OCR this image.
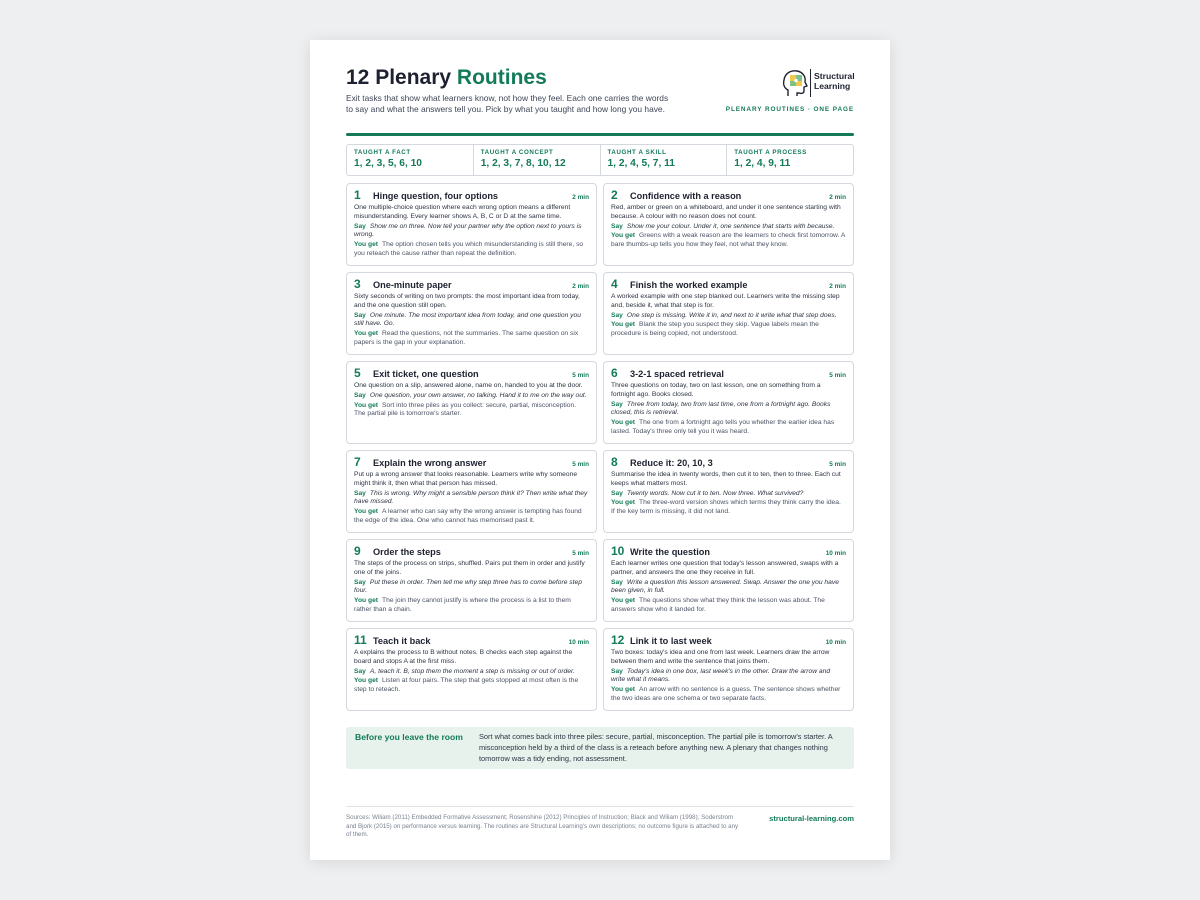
12 Plenary Routines
Exit tasks that show what learners know, not how they feel. Each one carries the words to say and what the answers tell you. Pick by what you taught and how long you have.
Structural
Learning
PLENARY ROUTINES · ONE PAGE
TAUGHT A FACT
1, 2, 3, 5, 6, 10
TAUGHT A CONCEPT
1, 2, 3, 7, 8, 10, 12
TAUGHT A SKILL
1, 2, 4, 5, 7, 11
TAUGHT A PROCESS
1, 2, 4, 9, 11
1	Hinge question, four options	2 min
One multiple-choice question where each wrong option means a different misunderstanding. Every learner shows A, B, C or D at the same time.
Say Show me on three. Now tell your partner why the option next to yours is wrong.
You get The option chosen tells you which misunderstanding is still there, so you reteach the cause rather than repeat the definition.
2	Confidence with a reason	2 min
Red, amber or green on a whiteboard, and under it one sentence starting with because. A colour with no reason does not count.
Say Show me your colour. Under it, one sentence that starts with because.
You get Greens with a weak reason are the learners to check first tomorrow. A bare thumbs-up tells you how they feel, not what they know.
3	One-minute paper	2 min
Sixty seconds of writing on two prompts: the most important idea from today, and the one question still open.
Say One minute. The most important idea from today, and one question you still have. Go.
You get Read the questions, not the summaries. The same question on six papers is the gap in your explanation.
4	Finish the worked example	2 min
A worked example with one step blanked out. Learners write the missing step and, beside it, what that step is for.
Say One step is missing. Write it in, and next to it write what that step does.
You get Blank the step you suspect they skip. Vague labels mean the procedure is being copied, not understood.
5	Exit ticket, one question	5 min
One question on a slip, answered alone, name on, handed to you at the door.
Say One question, your own answer, no talking. Hand it to me on the way out.
You get Sort into three piles as you collect: secure, partial, misconception. The partial pile is tomorrow's starter.
6	3-2-1 spaced retrieval	5 min
Three questions on today, two on last lesson, one on something from a fortnight ago. Books closed.
Say Three from today, two from last time, one from a fortnight ago. Books closed, this is retrieval.
You get The one from a fortnight ago tells you whether the earlier idea has lasted. Today's three only tell you it was heard.
7	Explain the wrong answer	5 min
Put up a wrong answer that looks reasonable. Learners write why someone might think it, then what that person has missed.
Say This is wrong. Why might a sensible person think it? Then write what they have missed.
You get A learner who can say why the wrong answer is tempting has found the edge of the idea. One who cannot has memorised past it.
8	Reduce it: 20, 10, 3	5 min
Summarise the idea in twenty words, then cut it to ten, then to three. Each cut keeps what matters most.
Say Twenty words. Now cut it to ten. Now three. What survived?
You get The three-word version shows which terms they think carry the idea. If the key term is missing, it did not land.
9	Order the steps	5 min
The steps of the process on strips, shuffled. Pairs put them in order and justify one of the joins.
Say Put these in order. Then tell me why step three has to come before step four.
You get The join they cannot justify is where the process is a list to them rather than a chain.
10 Write the question	10 min
Each learner writes one question that today's lesson answered, swaps with a partner, and answers the one they receive in full.
Say Write a question this lesson answered. Swap. Answer the one you have been given, in full.
You get The questions show what they think the lesson was about. The answers show who it landed for.
11 Teach it back	10 min
A explains the process to B without notes. B checks each step against the board and stops A at the first miss.
Say A, teach it. B, stop them the moment a step is missing or out of order.
You get Listen at four pairs. The step that gets stopped at most often is the step to reteach.
12 Link it to last week	10 min
Two boxes: today's idea and one from last week. Learners draw the arrow between them and write the sentence that joins them.
Say Today's idea in one box, last week's in the other. Draw the arrow and write what it means.
You get An arrow with no sentence is a guess. The sentence shows whether the two ideas are one schema or two separate facts.
Before you leave the room Sort what comes back into three piles: secure, partial, misconception. The partial pile is tomorrow's starter. A misconception held by a third of the class is a reteach before anything new. A plenary that changes nothing tomorrow was a tidy ending, not assessment.
Sources: Wiliam (2011) Embedded Formative Assessment; Rosenshine (2012) Principles of Instruction; Black and Wiliam (1998); Soderstrom and Bjork (2015) on performance versus learning. The routines are Structural Learning's own descriptions; no outcome figure is attached to any of them.
structural-learning.com
